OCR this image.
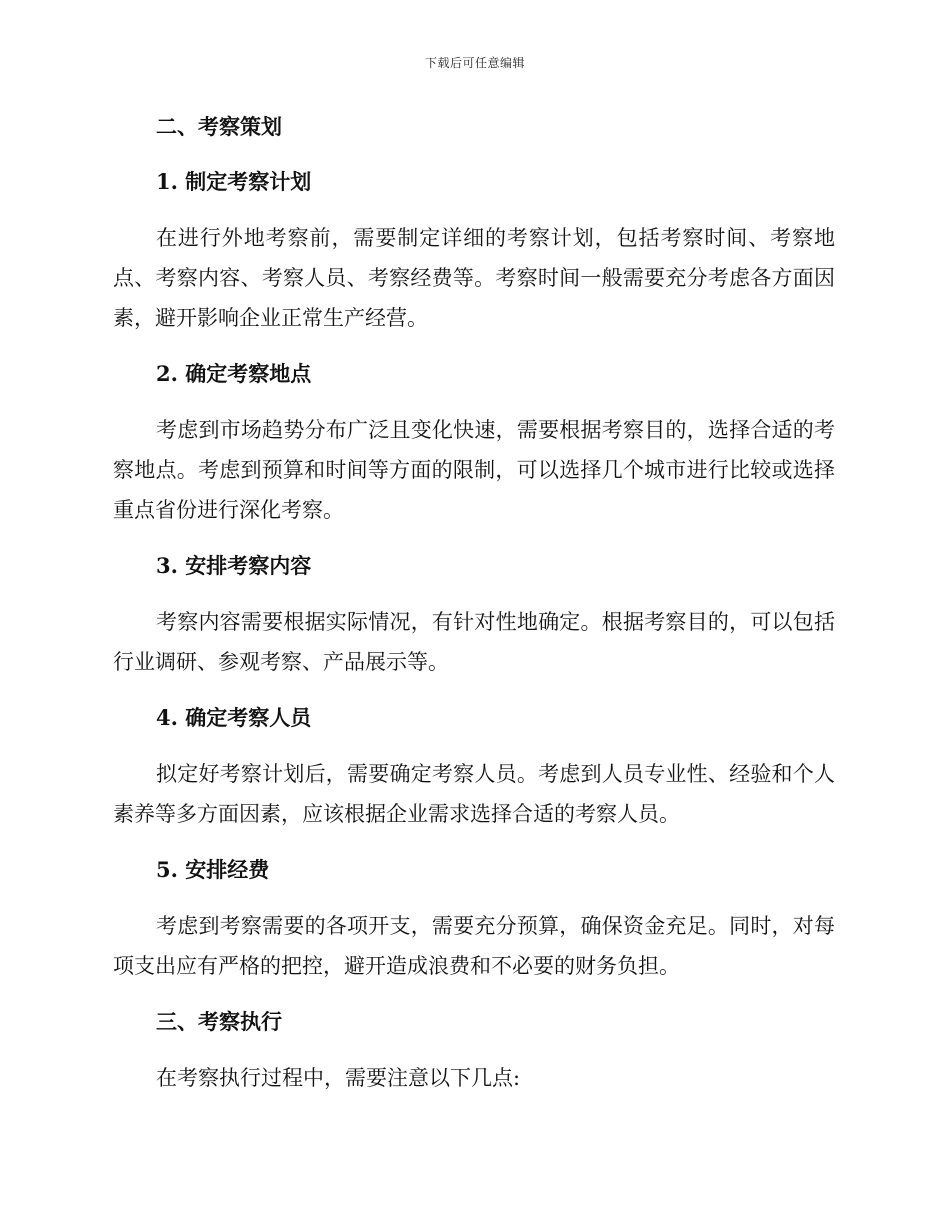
下载后可任意编辑
二、考察策划
1. 制定考察计划
在进行外地考察前，需要制定详细的考察计划，包括考察时间、考察地点、考察内容、考察人员、考察经费等。考察时间一般需要充分考虑各方面因素，避开影响企业正常生产经营。
2. 确定考察地点
考虑到市场趋势分布广泛且变化快速，需要根据考察目的，选择合适的考察地点。考虑到预算和时间等方面的限制，可以选择几个城市进行比较或选择重点省份进行深化考察。
3. 安排考察内容
考察内容需要根据实际情况，有针对性地确定。根据考察目的，可以包括行业调研、参观考察、产品展示等。
4. 确定考察人员
拟定好考察计划后，需要确定考察人员。考虑到人员专业性、经验和个人素养等多方面因素，应该根据企业需求选择合适的考察人员。
5. 安排经费
考虑到考察需要的各项开支，需要充分预算，确保资金充足。同时，对每项支出应有严格的把控，避开造成浪费和不必要的财务负担。
三、考察执行
在考察执行过程中，需要注意以下几点:
